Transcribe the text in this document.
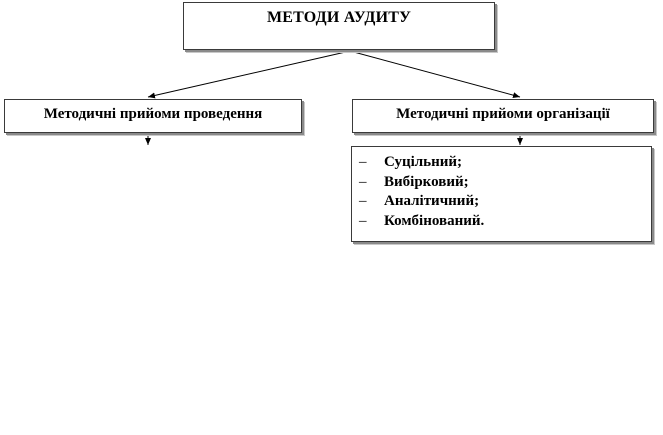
МЕТОДИ АУДИТУ
Методичні прийоми проведення	Методичні прийоми організації
– Суцільний;
– Вибірковий;
– Аналітичний;
– Комбінований.
